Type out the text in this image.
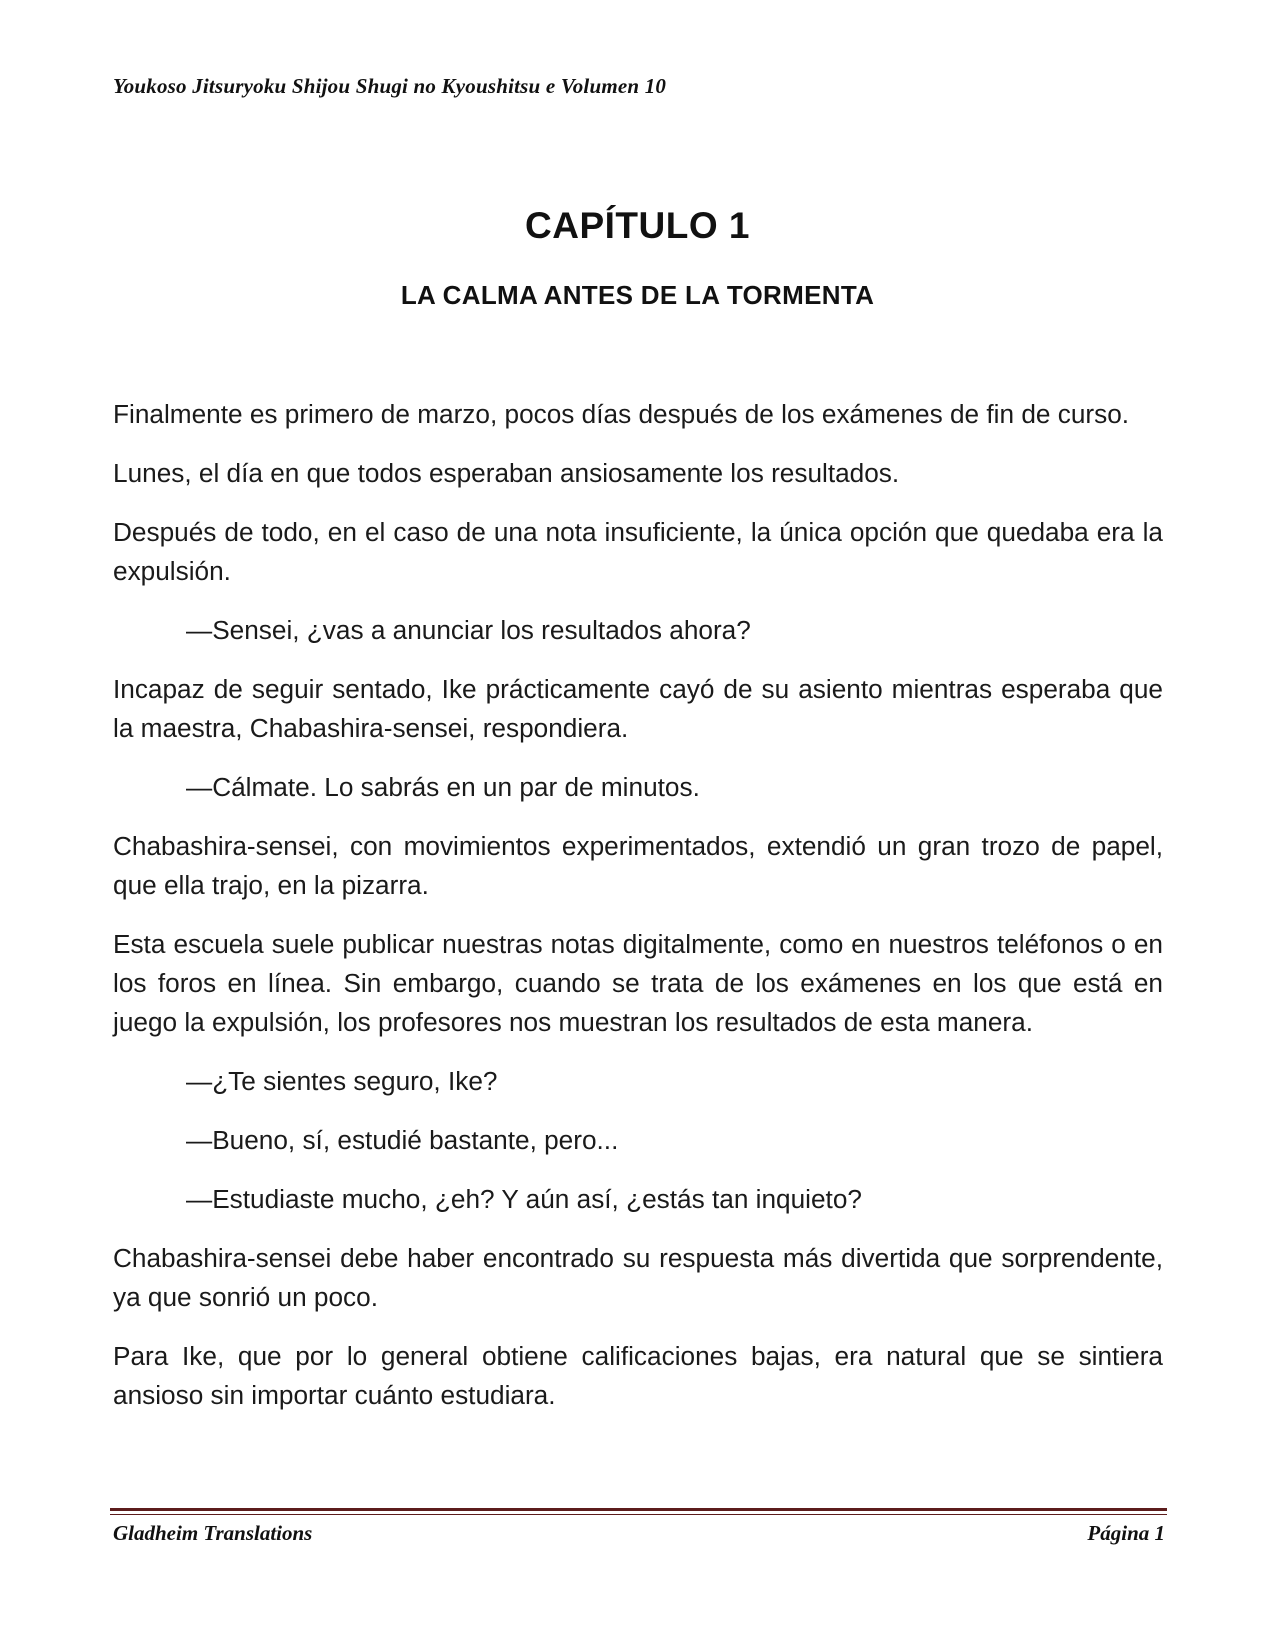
Youkoso Jitsuryoku Shijou Shugi no Kyoushitsu e Volumen 10
CAPÍTULO 1
LA CALMA ANTES DE LA TORMENTA

Finalmente es primero de marzo, pocos días después de los exámenes de fin de curso.

Lunes, el día en que todos esperaban ansiosamente los resultados.

Después de todo, en el caso de una nota insuficiente, la única opción que quedaba era la expulsión.

—Sensei, ¿vas a anunciar los resultados ahora?

Incapaz de seguir sentado, Ike prácticamente cayó de su asiento mientras esperaba que la maestra, Chabashira-sensei, respondiera.

—Cálmate. Lo sabrás en un par de minutos.

Chabashira-sensei, con movimientos experimentados, extendió un gran trozo de papel, que ella trajo, en la pizarra.

Esta escuela suele publicar nuestras notas digitalmente, como en nuestros teléfonos o en los foros en línea. Sin embargo, cuando se trata de los exámenes en los que está en juego la expulsión, los profesores nos muestran los resultados de esta manera.

—¿Te sientes seguro, Ike?

—Bueno, sí, estudié bastante, pero...

—Estudiaste mucho, ¿eh? Y aún así, ¿estás tan inquieto?

Chabashira-sensei debe haber encontrado su respuesta más divertida que sorprendente, ya que sonrió un poco.

Para Ike, que por lo general obtiene calificaciones bajas, era natural que se sintiera ansioso sin importar cuánto estudiara.

Gladheim Translations	Página 1
